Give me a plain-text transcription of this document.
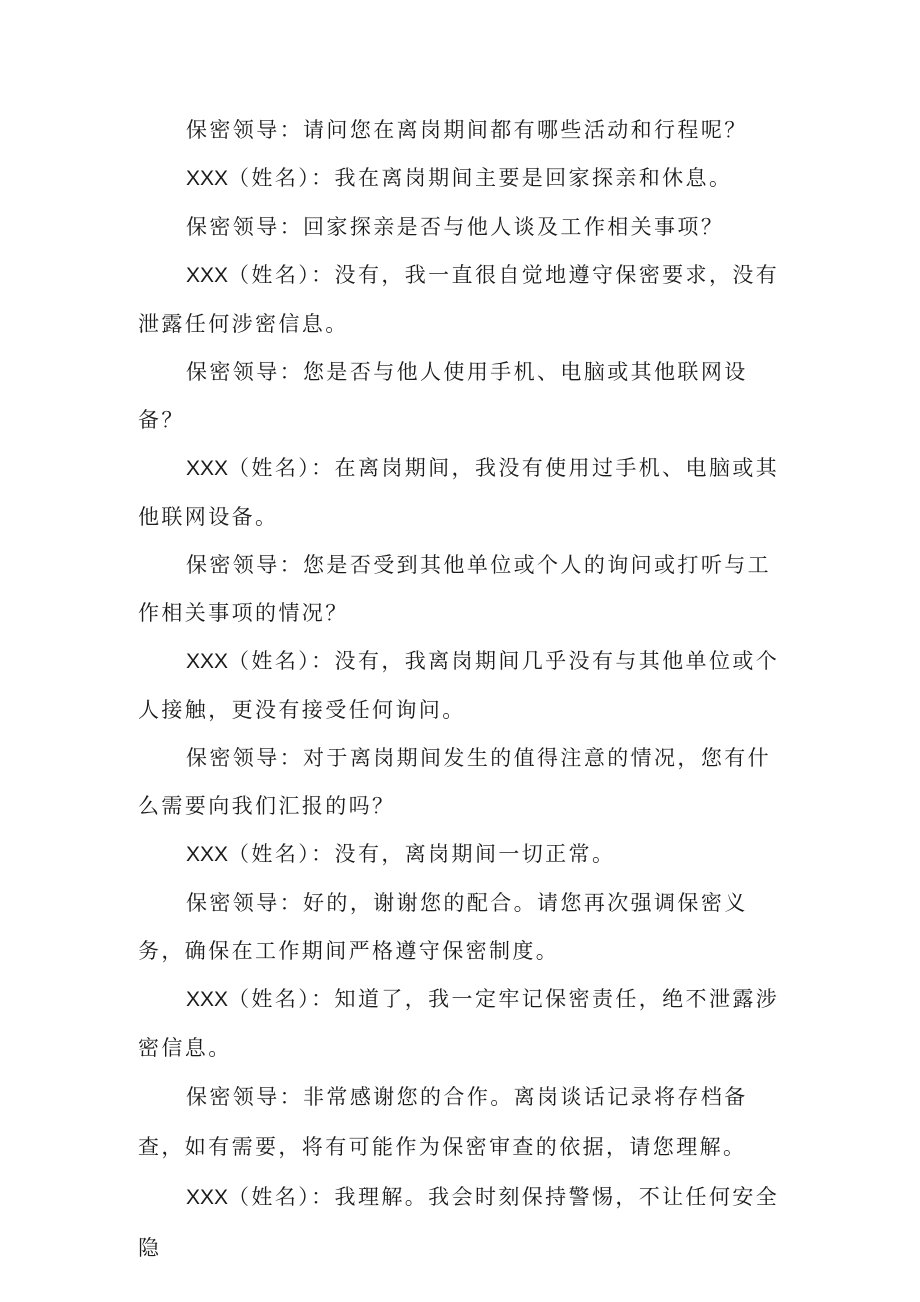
保密领导：请问您在离岗期间都有哪些活动和行程呢？

XXX（姓名）：我在离岗期间主要是回家探亲和休息。

保密领导：回家探亲是否与他人谈及工作相关事项？

XXX（姓名）：没有，我一直很自觉地遵守保密要求，没有泄露任何涉密信息。

保密领导：您是否与他人使用手机、电脑或其他联网设备？

XXX（姓名）：在离岗期间，我没有使用过手机、电脑或其他联网设备。

保密领导：您是否受到其他单位或个人的询问或打听与工作相关事项的情况？

XXX（姓名）：没有，我离岗期间几乎没有与其他单位或个人接触，更没有接受任何询问。

保密领导：对于离岗期间发生的值得注意的情况，您有什么需要向我们汇报的吗？

XXX（姓名）：没有，离岗期间一切正常。

保密领导：好的，谢谢您的配合。请您再次强调保密义务，确保在工作期间严格遵守保密制度。

XXX（姓名）：知道了，我一定牢记保密责任，绝不泄露涉密信息。

保密领导：非常感谢您的合作。离岗谈话记录将存档备
查，如有需要，将有可能作为保密审查的依据，请您理解。

XXX（姓名）：我理解。我会时刻保持警惕，不让任何安全隐
